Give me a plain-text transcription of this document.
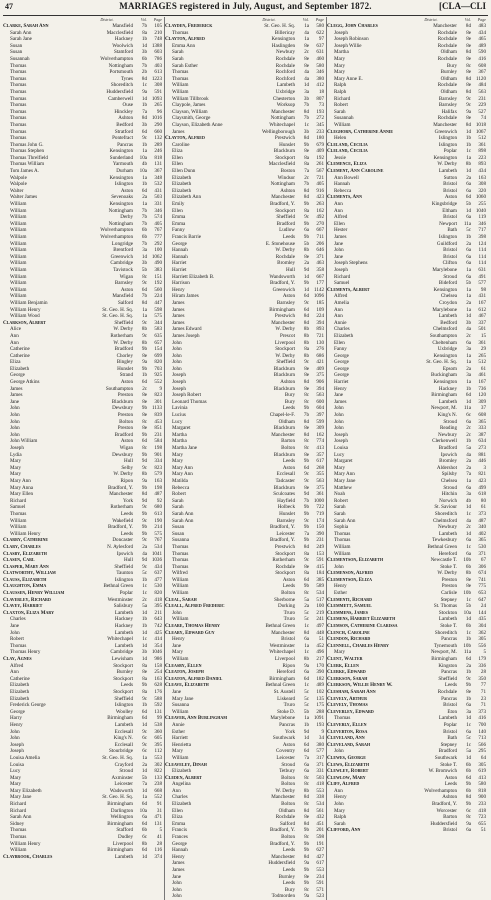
47	MARRIAGES registered in July, August, and September 1872.	[CLA—CLI
District.	Vol.	Page
Clarke, Sarah Ann	Mansfield	7b	105
Sarah Ann	Macclesfield	8a	210
Sarah Jane	Hackney	1b	748
Susan	Woolwich	1d 1388
Susan	Stamford	3b	603
Susannah	Wolverhampton	6b	786
Thomas	Nottingham	7b	403
Thomas	Portsmouth	2b	613
Thomas	Tynes	8d 1223
Thomas	Shoreditch	1c	308
Thomas	Huddersfield	9a	591
Thomas	Camberwell	1d 1093
Thomas	Ouse	1b	265
Thomas	Hinckley	7a	96
Thomas	Ashton	8d 1016
Thomas	Bedford	3b	290
Thomas	Stratford	6d	660
Thomas	Pontefract	9c	132
Thomas John G.	Pancras	1b	289
Thomas Stephen	Kensington	1a	246
Thomas Threlfield	Sunderland	10a	818
Thomas William	Yarmouth	4b	131
Tom James A.	Durham	10a	367
Walpole	Kensington	1a	348
Walpole	Islington	1b	532
Walter	Aston	6d	431
Walter James	Sevenoaks	2a	503
William	Kensington	1a	331
William	Nottingham	7b	346
William	Derby	7b	574
William	Nottingham	7b	405
William	Wolverhampton	6b	767
William	Wolverhampton	6b	777
William	Longridge	7b	292
William	Brentford	3a	100
William	Greenwich	1d 1062
William	Cambridge	3b	490
William	Tavistock	5b	383
William	Wigan	8c	151
William	Barnsley	9c	192
William	Aston	6d	560
William	Mansfield	7b	224
William Benjamin	Salford	8d	447
William Henry	St. Geo. H. Sq.	1a	598
William Wood	St. Geo. H. Sq.	1a	575
Clarkson, Albert	Sheffield	9c	344
Alice	W. Derby	8b	583
Ann	Rotherham	9c	635
Ann	W. Derby	8b	657
Catherine	Bradford	9b	154
Catherine	Chorley	8e	699
Eliza	Bingley	9a	820
Elizabeth	Hunslet	9b	703
George	Strand	1b	925
George Atkins	Aston	6d	552
James	Southampton	2c	9
James	Preston	8e	823
Jane	Blackburn	8e	301
John	Dewsbury	9b 1133
John	Preston	8e	839
John	Bolton	8c	453
John	Preston	8e	851
John	Bradford	9b	231
John William	Aston	6d	584
Joseph	Wigan	8c	198
Lydia	Dewsbury	9b	901
Mary	Hull	9d	334
Mary	Selby	9c	823
Mary	W. Derby	8b	579
Mary Ann	Ripon	9a	163
Mary Anna	Bradford, Y.	9b	198
Mary Ellen	Manchester	8d	487
Richard	York	9d	92
Samuel	Rotherham	9c	680
Thomas	Leeds	9b	613
William	Wakefield	9c	190
William	Bradford, Y.	9b	214
William Henry	Leeds	9b	575
Clarry, Catherine	Doncaster	9c	767
Clary, Charles	N. Aylesford	2a	534
Clasby, Elizabeth	Ipswich	4a 1041
Clasen, Carl	Hull	9d 1036
Clasper, Mary Ann	Sheffield	9c	434
Clatworthy, William	Taunton	5c	637
Clauss, Elizabeth	Islington	1b	477
Claughton, Emma	Bethnal Green	1c	530
Claussen, Henry William	Poplar	1c	820
Claverley, Richard	Westminster	2c	418
Clavey, Harriet	Salisbury	5a	395
Claxton, Eliza Mary	Lambeth	1d	211
Charles	Hackney	1b	643
Jane	Hackney	1b	742
John	Lambeth	1d	425
Robert	Whitechapel	1c	414
Thomas	Lambeth	1d	354
Thomas Henry	Cambridge	3b 1046
Clay, Agnes	Lewisham	1d	986
Alfred	Stockport	8a	158
Ann	Burnley	8e	254
Catherine	Stockport	8a	163
Elizabeth	Leeds	9b	628
Elizabeth	Stockport	8a	176
Elizabeth	Sheffield	9c	588
Frederick George	Islington	1b	592
George	Woolley	6d	131
Harry	Birmingham	6d	99
Henry	Lambeth	1d	538
John	Ecclesall	9c	360
John	King's N.	6c	605
Joseph	Ecclesall	9c	395
Joseph	Stourbridge	6c	112
Louisa Amelia	St. Geo. H. Sq.	1a	553
Louisa	Crayford	2a	302
Lucy	Stroud	1d	822
Mary	Axminster	5b	133
Mary	Leicester	7a	238
Mary Elizabeth	Wadsworth	1d	668
Mary Jane	St. Geo. H. Sq.	1a	552
Richard	Birmingham	6d	91
Richard	Darlington	10a	31
Sarah Ann	Wellington	6a	471
Sidney	Birmingham	6d	131
Thomas	Stafford	6b	5
Thomas	Dudley	6c	41
William Henry	Liverpool	8b	28
William	Birmingham	6d	116
Claybrook, Charles	Lambeth	1d	374
District.	Vol.	Page
Clayden, Frederick	St. Geo. H. Sq.	1a	580
Thomas	Billericay	4a	622
Clayton, Alfred	Kensington	1a	97
Emma Ann	Haslingden	8e	637
Sarah	Newbury	2c	631
Sarah	Rochdale	8e	460
Sarah Esther	Rochdale	8e	580
Thomas	Rochford	4a	346
Thomas	Rochford	4a	380
William	Lambeth	1d	412
William	Uxbridge	3a	18
William Tillbrook	Chesterton	3b	807
Claypole, James	Worksop	7b	73
Clayson, William	Manchester	8d	193
Claysmith, George	Nottingham	7b	272
Clayson, Elizabeth Anne	Whitechapel	1c	345
James	Wellingborough	3b	233
Clayton, Alfred	Prestwich	8d	180
Caroline	Hunslet	9b	679
Eliza	Blackburn	8e	409
Ellen	Stockport	8a	192
Ellen	Macclesfield	8a	261
Ellen Dunn	Boston	7a	567
Elizabeth	Windsor	2c	721
Elizabeth	Nottingham	7b	405
Elizabeth	Ashton	8d	916
Elizabeth Ann	Manchester	8d	423
Emily	Bradford, Y.	9b	263
Ellen	Stockport	8a	162
Emma	Sheffield	9c	492
Emma	Bradford	9b	270
Fanny	Ludlow	6a	667
Francis Barrie	Leeds	9b	711
George	E. Stonehouse	5b	206
Hannah	W. Derby	8b	646
Hannah	Rochdale	8e	371
Harriet	Bromley	2a	463
Harriet	Hull	9d	358
Harriett Elizabeth B.	Wandsworth	1d	667
Harrison	Bradford, Y.	9b	177
Henry	Greenwich	1d 1142
Hiram James	Aston	6d 1096
James	Barnsley	9c	185
James	Birmingham	6d	109
James	Prestwich	8d	224
James	Manchester	8d	394
James Edward	W. Derby	8b	893
James Joseph	Prescot	8b	721
John	Liverpool	8b	130
John	Stockport	8a	276
John	W. Derby	8b	686
John	Sheffield	9c	421
John	Blackburn	8e	409
Joseph	Blackburn	8e	375
Joseph	Ashton	8d	906
Joseph	Blackburn	8e	394
Joseph Robert	Bury	8c	563
Leonard Thomas	Bury	8c	600
Lavinia	Leeds	9b	604
Lucius	Chapel-le-F.	7b	397
Lucy	Oldham	8d	599
Margaret	Blackburn	8e	309
Martha	Manchester	8d	162
Martha	Barton	8c	774
Martha Jane	Bolton	8c	413
Mary	Blackburn	8e	357
Mary	Leeds	9b	617
Mary Ann	Aston	6d	268
Mary Ann	Ecclesall	9c	355
Matilda	Tadcaster	9c	563
Rebecca	Blackburn	8e	375
Robert	Sculcoates	9d	361
Sarah	Hayfield	7b 1000
Sarah	Holbeck	9b	722
Sarah Ann	Hunslet	9b	719
Sarah Ann	Barnsley	9c	174
Susan	Bradford, Y.	9b	150
Susan	Leicester	7a	390
Susanna	Bradford, Y.	9b	231
Thomas	Prestwich	8d	249
Thomas	Stockport	8a	153
Thomas	Rotherham	9c	591
Thomas	Rochdale	8e	415
Wilfred	Stockport	8a	184
William	Aston	6d	385
William	Leeds	9b	589
William	Bolton	8c	534
Cleal, Sarah	Sherborne	5a	517
Cleall, Alfred Frederic	Dorking	2a	100
John	Truro	5c	219
William	Truro	5c	241
Cleare, Thomas Henry	Bethnal Green	1c	497
Cleary, Edward Guy	Manchester	8d	448
Henry	Bristol	6a	51
Jane	Westminster	1a	452
Mary	Whitechapel	1c	496
William	Liverpool	8b	217
Cleasby, Ellen	Ripon	9a	170
Cleaton, Joseph	Hereford	6a	390
Cleaton, Alfred Daniel	Birmingham	6d	182
Cleave, Elizabeth	Bethnal Green	1c	489
Jane	St. Austell	5c	102
Mary Jane	Liskeard	5c	135
Susanna	Truro	5c	175
William	Stoke D.	5b	288
Cleaver, Ann Burlingham	Marylebone	1a 1091
Annie	Pancras	1b	193
Esther	York	9d	9
Harriett	Southwark	1d	34
Henrietta	Aston	6d	380
Mary	Coventry	6d	577
William	Leicester	7a	317
Cleaveley, Dinah	Stroud	6a	371
Elizabeth	Tetbury	6a	331
Cleden, Albert	Bolton	8c	503
Angelina	Bolton	8c	418
Ann	W. Derby	8b	553
Charles	Manchester	8d	338
Elizabeth	Bolton	8c	534
Ellen	Oldham	8d	561
Eliza	Rochdale	8e	432
Emma	Salford	8d	451
Francis	Bradford, Y.	9b	201
Frances	Bolton	8c	598
George	Bradford, Y.	9b	191
Hannah	Leeds	9b	627
Henry	Manchester	8d	427
James	Huddersfield	9a	617
James	Leeds	9b	553
Jane	Burnley	8e	234
John	Leeds	9b	591
John	Bury	8c	571
John	Todmorden	9a	523
District.	Vol.	Page
Clegg, John Charles	Manchester	8d	483
Joseph	Rochdale	8e	434
Joseph Robinson	Rochdale	8e	465
Joseph Willie	Rochdale	8e	489
Martha	Oldham	8d	590
Mary	Rochdale	8e	416
Mary	Bury	8c	608
Mary	Burnley	8e	367
Mary Anne E.	Oldham	8d 1120
Ralph	Rochdale	8e	484
Ralph	Oldham	8d	563
Richard	Barnsley	9c	231
Robert	Barnsley	9c	229
Sarah	Halifax	9a	527
Susannah	Rochdale	8e	74
William	Manchester	8d 1018
Cleghorn, Catherine Annie	Greenwich	1d 1067
Helen	Islington	1b	512
Cleland, Cecilia	Islington	1b	361
Cleland, Cecilia	Poplar	1c	898
Jessie	Kensington	1a	223
Clemence, Eliza	W. Derby	8b	893
Clement, Ann Caroline	Lambeth	1d	434
Ann Bowell	Sutton	2a	163
Hannah	Bristol	6a	308
Rebecca	Bristol	6a	320
Clements, Ann	Aston	6d 1060
Ann	Kingsbridge	5b	255
Ann	Eltham	1d 1040
Alfred	Bristol	6a	119
Ellen	Newport	11a	346
Hester	Bath	5c	717
James	Islington	1b	398
Jane	Guildford	2a	124
John	Bristol	6a	114
Jane	Bristol	6a	114
Joseph Stephens	Clifton	6a	114
Joseph	Marylebone	1a	631
Richard	Stroud	6a	491
Samuel	Bideford	5b	577
Clements, Albert	Kensington	1a	98
Alfred	Chelsea	1a	431
Amelia	Croydon	2a	167
Ann	Marylebone	1a	612
Ann	Lambeth	1d	467
Annie	Bedford	3b	337
Charles	Chelmsford	4a	501
Elizabeth	Southampton	2c	15
Ellen	Cheltenham	6a	361
Fanny	Uxbridge	3a	29
George	Kensington	1a	265
George	St. Geo. H. Sq.	1a	512
George	Epsom	2a	61
George	Buckingham	3a	461
Harriet	Kensington	1a	167
Henry	Hackney	1b	736
Jane	Birmingham	6d	120
James	Lambeth	1d	309
John	Newport, M.	11a	37
John	King's N.	6c	608
John	Stroud	6a	365
John	Reading	2c	333
Joseph	Newbury	2c	387
Joseph	Clerkenwell	1b	634
Louisa	Bradford	5a	273
Lucy	Ipswich	4a	881
Margaret	Bromley	2a	446
Mary	Aldershot	2a	3
Mary Ann	Spilsby	7a	821
Mary Jane	Chelsea	1a	423
Matthew	Stroud	6a	499
Noah	Hitchin	3a	618
Robert	Norwich	4b	80
Sarah	St. Saviour	1d	61
Sarah	Shoreditch	1c	373
Sarah Ann	Chelmsford	4a	487
Sophia	Newbury	2c	340
Thomas	Lambeth	1d	402
Thomas	Tewkesbury	6a	365
William	Bethnal Green	1c	530
William	Hereford	6a	371
Clementson, Elizabeth	Newcastle T.	10b	67
John	Stoke T.	6b	306
Clemenson, Alfred	W. Derby	8b	674
Clementson, Eliza	Preston	8e	741
Henry	Preston	8e	775
Esther	Carlisle	10b	653
Clementi, Richard	Stepney	1c	647
Clemmett, Samuel	St. Thomas	5b	24
Clemmens, James	Stockton	10a	144
Clemens, Harriet Elizabeth	Lambeth	1d	435
Clemson, Catherine Clarissa	Stoke T.	6b	304
Clench, Caroline	Shoreditch	1c	362
Clendon, Richard	Pancras	1b	305
Clennell, Charles Henry	Tynemouth	10b	556
Mary	Newport, M.	11a	5
Clent, Walter	Birmingham	6d	179
Clerk, Ellen	Kingston	2a	336
Clerke, Edward	Pancras	1b	28
Clerkson, Sarah	Sheffield	9c	350
Clerkson, Willie Henry W.	Leeds	9b	77
Clesham, Sarah Ann	Rochdale	8e	71
Clevely, Arthur	Pancras	1b	23
Clevely, Thomas	Bristol	6a	71
Cleverley, Edward	Eton	3a	373
Thomas	Lambeth	1d	416
Cleverly, Ellen	Poplar	1c	700
Cleverton, Rosa	Bristol	6a	140
Cleveland, Ann	Bath	5c	713
Cleveland, Sarah	Stepney	1c	566
John	Bradford	5a	295
Clewes, George	Southwark	1d	64
Clews, Elizabeth	Stoke T.	6b	305
Clewley, Robert	W. Bromwich	6b	619
Clewlow, Mary	Aston	6d	413
Cliff, Alfred	Leeds	9b	580
Ann	Wolverhampton	6b	818
Henry	Ashton	8d	900
John	Bradford, Y.	9b	233
Mary	Worcester	6c	418
Ralph	Barton	8c	723
Sarah	Huddersfield	9a	655
Clifford, Ann	Bristol	6a	51
